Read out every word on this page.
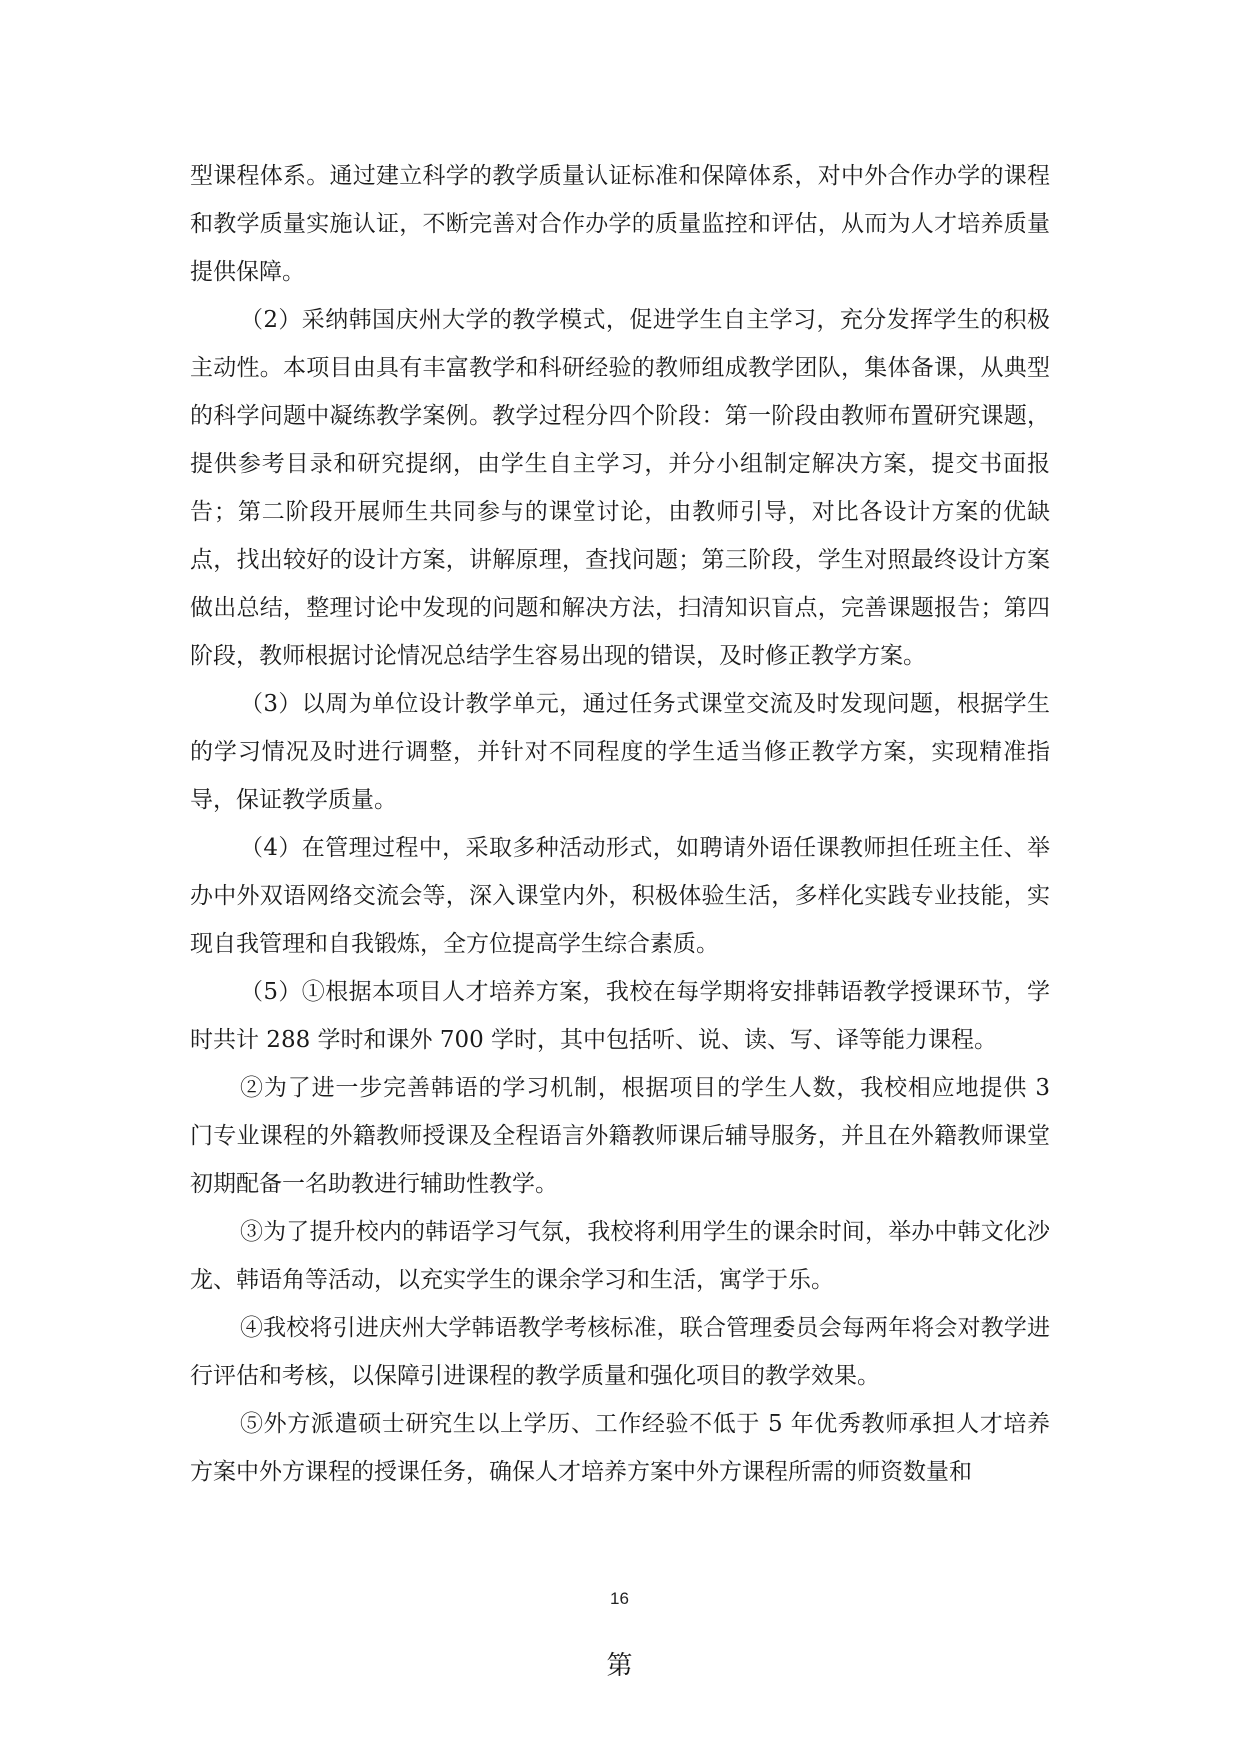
型课程体系。通过建立科学的教学质量认证标准和保障体系，对中外合作办学的课程和教学质量实施认证，不断完善对合作办学的质量监控和评估，从而为人才培养质量提供保障。

（2）采纳韩国庆州大学的教学模式，促进学生自主学习，充分发挥学生的积极主动性。本项目由具有丰富教学和科研经验的教师组成教学团队，集体备课，从典型的科学问题中凝练教学案例。教学过程分四个阶段：第一阶段由教师布置研究课题，提供参考目录和研究提纲，由学生自主学习，并分小组制定解决方案，提交书面报告；第二阶段开展师生共同参与的课堂讨论，由教师引导，对比各设计方案的优缺点，找出较好的设计方案，讲解原理，查找问题；第三阶段，学生对照最终设计方案做出总结，整理讨论中发现的问题和解决方法，扫清知识盲点，完善课题报告；第四阶段，教师根据讨论情况总结学生容易出现的错误，及时修正教学方案。

（3）以周为单位设计教学单元，通过任务式课堂交流及时发现问题，根据学生的学习情况及时进行调整，并针对不同程度的学生适当修正教学方案，实现精准指导，保证教学质量。

（4）在管理过程中，采取多种活动形式，如聘请外语任课教师担任班主任、举办中外双语网络交流会等，深入课堂内外，积极体验生活，多样化实践专业技能，实现自我管理和自我锻炼，全方位提高学生综合素质。

（5）①根据本项目人才培养方案，我校在每学期将安排韩语教学授课环节，学时共计 288 学时和课外 700 学时，其中包括听、说、读、写、译等能力课程。

②为了进一步完善韩语的学习机制，根据项目的学生人数，我校相应地提供 3 门专业课程的外籍教师授课及全程语言外籍教师课后辅导服务，并且在外籍教师课堂初期配备一名助教进行辅助性教学。

③为了提升校内的韩语学习气氛，我校将利用学生的课余时间，举办中韩文化沙龙、韩语角等活动，以充实学生的课余学习和生活，寓学于乐。

④我校将引进庆州大学韩语教学考核标准，联合管理委员会每两年将会对教学进行评估和考核，以保障引进课程的教学质量和强化项目的教学效果。

⑤外方派遣硕士研究生以上学历、工作经验不低于 5 年优秀教师承担人才培养方案中外方课程的授课任务，确保人才培养方案中外方课程所需的师资数量和

16
第
